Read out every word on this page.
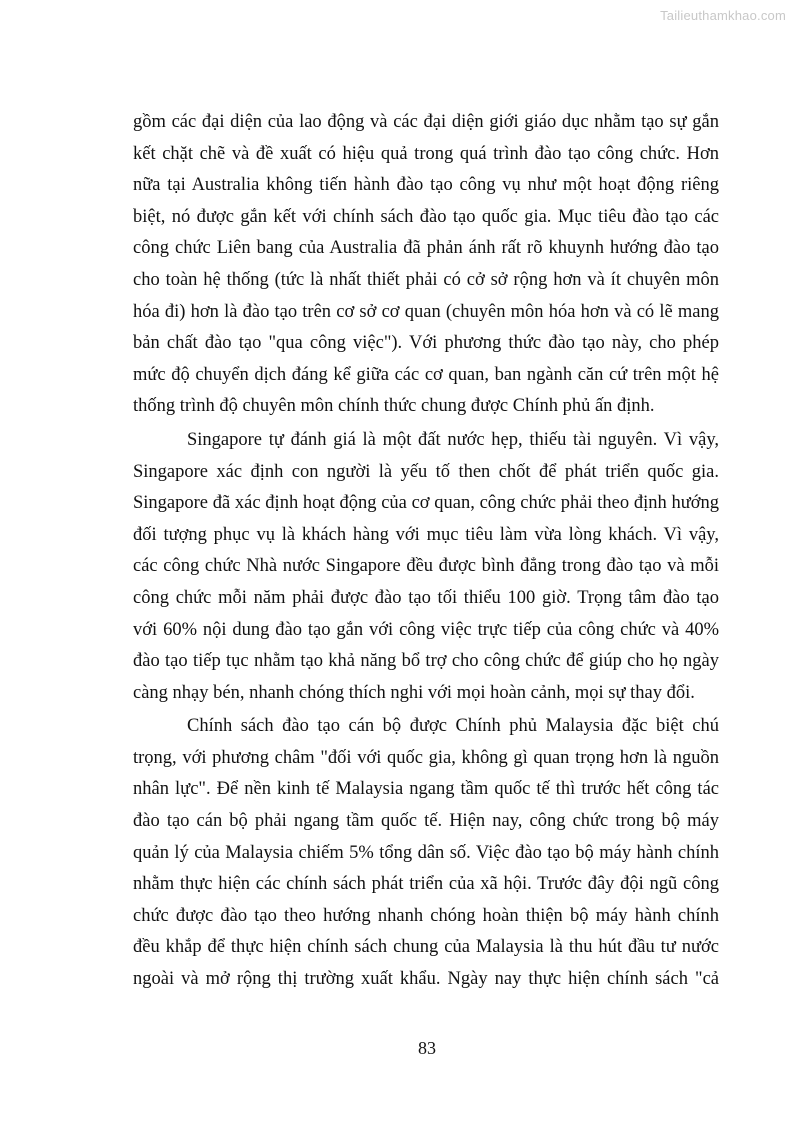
Tailieuthamkhao.com
gồm các đại diện của lao động và các đại diện giới giáo dục nhằm tạo sự gắn
kết chặt chẽ và đề xuất có hiệu quả trong quá trình đào tạo công chức. Hơn
nữa tại Australia không tiến hành đào tạo công vụ như một hoạt động riêng
biệt, nó được gắn kết với chính sách đào tạo quốc gia. Mục tiêu đào tạo các
công chức Liên bang của Australia đã phản ánh rất rõ khuynh hướng đào tạo
cho toàn hệ thống (tức là nhất thiết phải có cở sở rộng hơn và ít chuyên môn
hóa đi) hơn là đào tạo trên cơ sở cơ quan (chuyên môn hóa hơn và có lẽ mang
bản chất đào tạo "qua công việc"). Với phương thức đào tạo này, cho phép
mức độ chuyển dịch đáng kể giữa các cơ quan, ban ngành căn cứ trên một hệ
thống trình độ chuyên môn chính thức chung được Chính phủ ấn định.
Singapore tự đánh giá là một đất nước hẹp, thiếu tài nguyên. Vì vậy,
Singapore xác định con người là yếu tố then chốt để phát triển quốc gia.
Singapore đã xác định hoạt động của cơ quan, công chức phải theo định hướng
đối tượng phục vụ là khách hàng với mục tiêu làm vừa lòng khách. Vì vậy,
các công chức Nhà nước Singapore đều được bình đẳng trong đào tạo và mỗi
công chức mỗi năm phải được đào tạo tối thiểu 100 giờ. Trọng tâm đào tạo
với 60% nội dung đào tạo gắn với công việc trực tiếp của công chức và 40%
đào tạo tiếp tục nhằm tạo khả năng bổ trợ cho công chức để giúp cho họ ngày
càng nhạy bén, nhanh chóng thích nghi với mọi hoàn cảnh, mọi sự thay đổi.
Chính sách đào tạo cán bộ được Chính phủ Malaysia đặc biệt chú
trọng, với phương châm "đối với quốc gia, không gì quan trọng hơn là nguồn
nhân lực". Để nền kinh tế Malaysia ngang tầm quốc tế thì trước hết công tác
đào tạo cán bộ phải ngang tầm quốc tế. Hiện nay, công chức trong bộ máy
quản lý của Malaysia chiếm 5% tổng dân số. Việc đào tạo bộ máy hành chính
nhằm thực hiện các chính sách phát triển của xã hội. Trước đây đội ngũ công
chức được đào tạo theo hướng nhanh chóng hoàn thiện bộ máy hành chính
đều khắp để thực hiện chính sách chung của Malaysia là thu hút đầu tư nước
ngoài và mở rộng thị trường xuất khẩu. Ngày nay thực hiện chính sách "cả
83
